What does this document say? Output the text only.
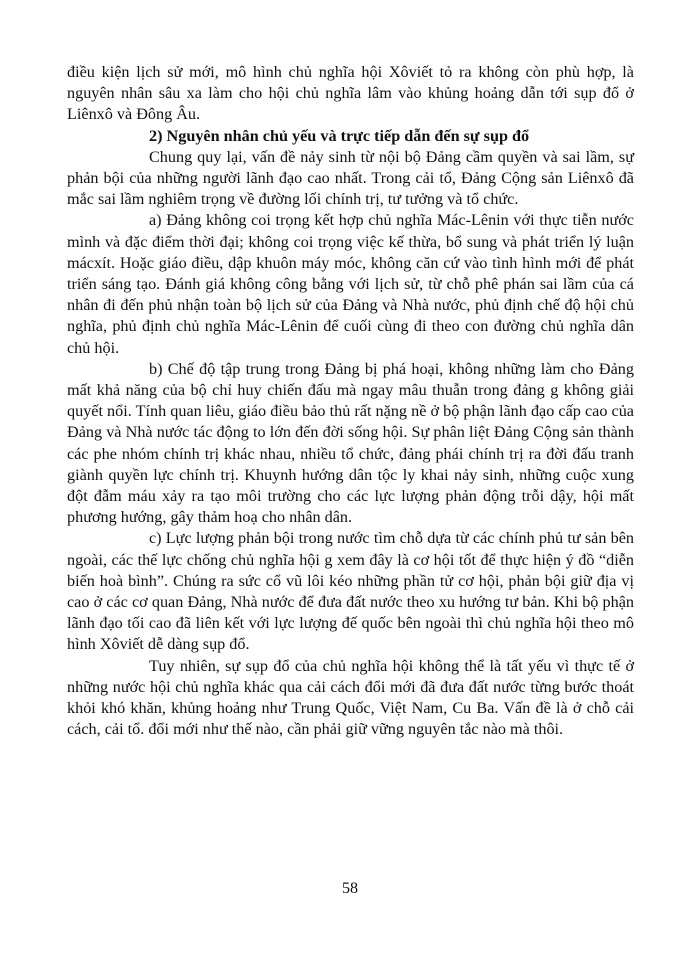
điều kiện lịch sử mới, mô hình chủ nghĩa hội Xôviết tỏ ra không còn phù hợp, là nguyên nhân sâu xa làm cho hội chủ nghĩa lâm vào khủng hoảng dẫn tới sụp đổ ở Liênxô và Đông Âu.

2) Nguyên nhân chủ yếu và trực tiếp dẫn đến sự sụp đổ

Chung quy lại, vấn đề nảy sinh từ nội bộ Đảng cầm quyền và sai lầm, sự phản bội của những người lãnh đạo cao nhất. Trong cải tổ, Đảng Cộng sản Liênxô đã mắc sai lầm nghiêm trọng về đường lối chính trị, tư tưởng và tổ chức.

a) Đảng không coi trọng kết hợp chủ nghĩa Mác-Lênin với thực tiễn nước mình và đặc điểm thời đại; không coi trọng việc kế thừa, bổ sung và phát triển lý luận mácxít. Hoặc giáo điều, dập khuôn máy móc, không căn cứ vào tình hình mới để phát triển sáng tạo. Đánh giá không công bằng với lịch sử, từ chỗ phê phán sai lầm của cá nhân đi đến phủ nhận toàn bộ lịch sử của Đảng và Nhà nước, phủ định chế độ hội chủ nghĩa, phủ định chủ nghĩa Mác-Lênin để cuối cùng đi theo con đường chủ nghĩa dân chủ hội.

b) Chế độ tập trung trong Đảng bị phá hoại, không những làm cho Đảng mất khả năng của bộ chỉ huy chiến đấu mà ngay mâu thuẫn trong đảng g không giải quyết nổi. Tính quan liêu, giáo điều bảo thủ rất nặng nề ở bộ phận lãnh đạo cấp cao của Đảng và Nhà nước tác động to lớn đến đời sống hội. Sự phân liệt Đảng Cộng sản thành các phe nhóm chính trị khác nhau, nhiều tổ chức, đảng phái chính trị ra đời đấu tranh giành quyền lực chính trị. Khuynh hướng dân tộc ly khai nảy sinh, những cuộc xung đột đẫm máu xảy ra tạo môi trường cho các lực lượng phản động trỗi dậy, hội mất phương hướng, gây thảm hoạ cho nhân dân.

c) Lực lượng phản bội trong nước tìm chỗ dựa từ các chính phủ tư sản bên ngoài, các thế lực chống chủ nghĩa hội g xem đây là cơ hội tốt để thực hiện ý đồ “diễn biến hoà bình”. Chúng ra sức cổ vũ lôi kéo những phần tử cơ hội, phản bội giữ địa vị cao ở các cơ quan Đảng, Nhà nước để đưa đất nước theo xu hướng tư bản. Khi bộ phận lãnh đạo tối cao đã liên kết với lực lượng đế quốc bên ngoài thì chủ nghĩa hội theo mô hình Xôviết dễ dàng sụp đổ.

Tuy nhiên, sự sụp đổ của chủ nghĩa hội không thể là tất yếu vì thực tế ở những nước hội chủ nghĩa khác qua cải cách đổi mới đã đưa đất nước từng bước thoát khỏi khó khăn, khủng hoảng như Trung Quốc, Việt Nam, Cu Ba. Vấn đề là ở chỗ cải cách, cải tổ. đổi mới như thế nào, cần phải giữ vững nguyên tắc nào mà thôi.

58
